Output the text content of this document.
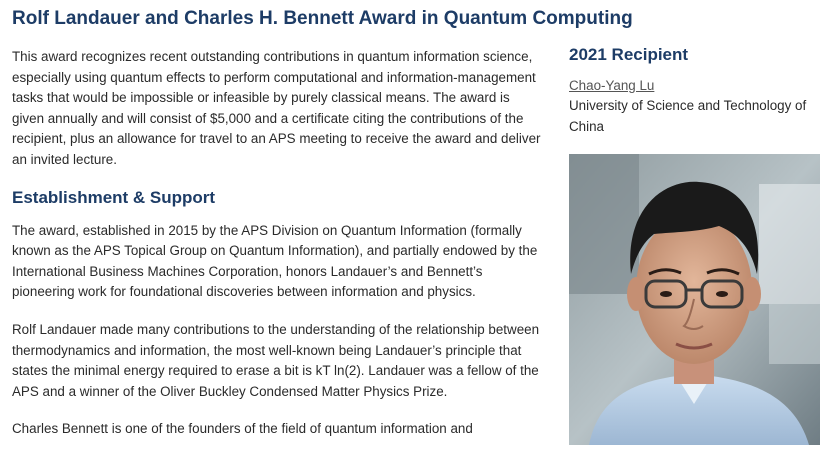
Rolf Landauer and Charles H. Bennett Award in Quantum Computing

This award recognizes recent outstanding contributions in quantum information science, especially using quantum effects to perform computational and information-management tasks that would be impossible or infeasible by purely classical means. The award is given annually and will consist of $5,000 and a certificate citing the contributions of the recipient, plus an allowance for travel to an APS meeting to receive the award and deliver an invited lecture.

Establishment & Support

The award, established in 2015 by the APS Division on Quantum Information (formally known as the APS Topical Group on Quantum Information), and partially endowed by the International Business Machines Corporation, honors Landauer’s and Bennett’s pioneering work for foundational discoveries between information and physics.

Rolf Landauer made many contributions to the understanding of the relationship between thermodynamics and information, the most well-known being Landauer’s principle that states the minimal energy required to erase a bit is kT ln(2). Landauer was a fellow of the APS and a winner of the Oliver Buckley Condensed Matter Physics Prize.

Charles Bennett is one of the founders of the field of quantum information and

2021 Recipient
Chao-Yang Lu
University of Science and Technology of China
